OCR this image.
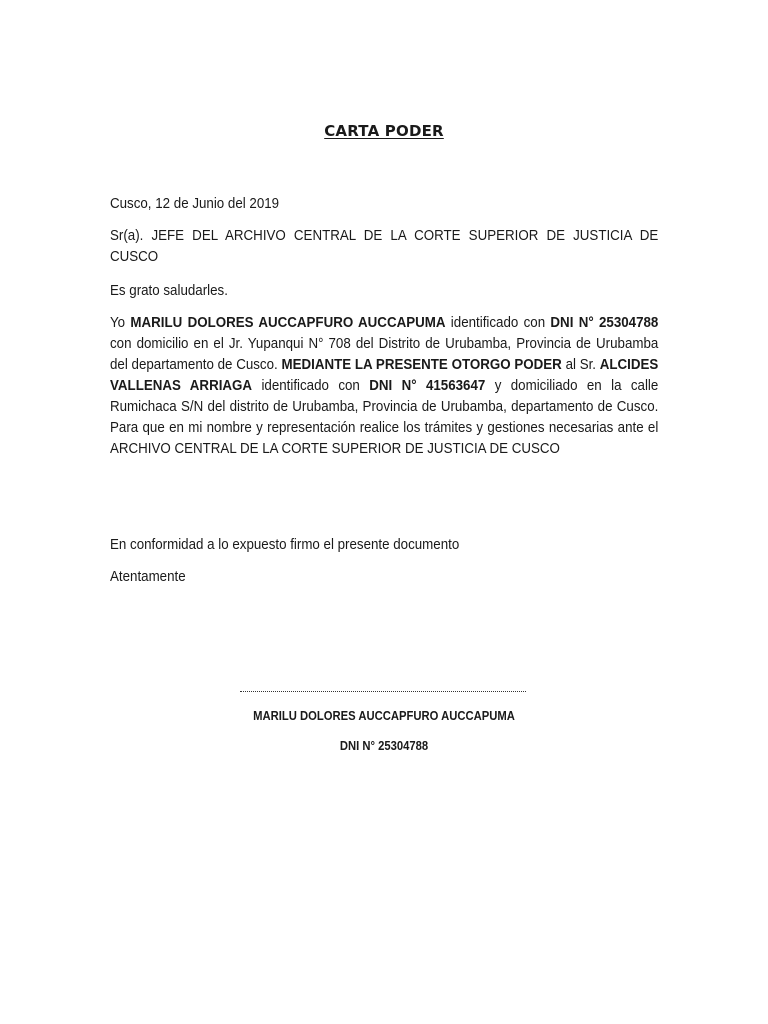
CARTA PODER
Cusco, 12 de Junio del 2019
Sr(a). JEFE DEL ARCHIVO CENTRAL DE LA CORTE SUPERIOR DE JUSTICIA DE CUSCO
Es grato saludarles.
Yo MARILU DOLORES AUCCAPFURO AUCCAPUMA identificado con DNI N° 25304788 con domicilio en el Jr. Yupanqui N° 708 del Distrito de Urubamba, Provincia de Urubamba del departamento de Cusco. MEDIANTE LA PRESENTE OTORGO PODER al Sr. ALCIDES VALLENAS ARRIAGA identificado con DNI N° 41563647 y domiciliado en la calle Rumichaca S/N del distrito de Urubamba, Provincia de Urubamba, departamento de Cusco. Para que en mi nombre y representación realice los trámites y gestiones necesarias ante el ARCHIVO CENTRAL DE LA CORTE SUPERIOR DE JUSTICIA DE CUSCO
En conformidad a lo expuesto firmo el presente documento
Atentamente
MARILU DOLORES AUCCAPFURO AUCCAPUMA
DNI N° 25304788
